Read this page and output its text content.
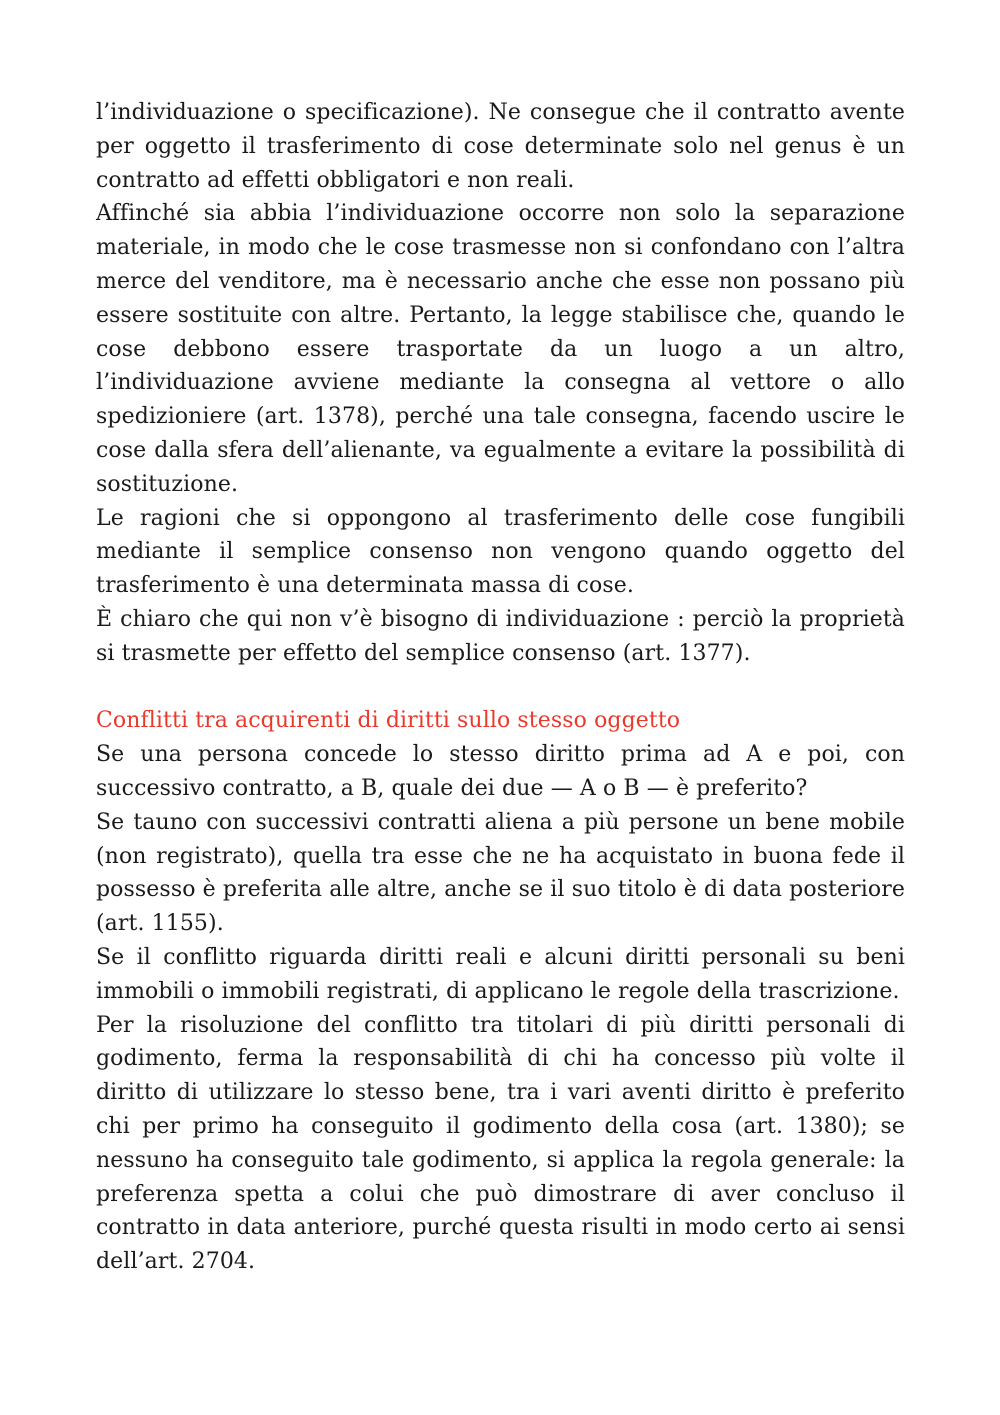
l’individuazione o specificazione). Ne consegue che il contratto avente per oggetto il trasferimento di cose determinate solo nel genus è un contratto ad effetti obbligatori e non reali.

Affinché sia abbia l’individuazione occorre non solo la separazione materiale, in modo che le cose trasmesse non si confondano con l’altra merce del venditore, ma è necessario anche che esse non possano più essere sostituite con altre. Pertanto, la legge stabilisce che, quando le cose debbono essere trasportate da un luogo a un altro, l’individuazione avviene mediante la consegna al vettore o allo spedizioniere (art. 1378), perché una tale consegna, facendo uscire le cose dalla sfera dell’alienante, va egualmente a evitare la possibilità di sostituzione.

Le ragioni che si oppongono al trasferimento delle cose fungibili mediante il semplice consenso non vengono quando oggetto del trasferimento è una determinata massa di cose.

È chiaro che qui non v’è bisogno di individuazione : perciò la proprietà si trasmette per effetto del semplice consenso (art. 1377).

Conflitti tra acquirenti di diritti sullo stesso oggetto

Se una persona concede lo stesso diritto prima ad A e poi, con successivo contratto, a B, quale dei due — A o B — è preferito?

Se tauno con successivi contratti aliena a più persone un bene mobile (non registrato), quella tra esse che ne ha acquistato in buona fede il possesso è preferita alle altre, anche se il suo titolo è di data posteriore (art. 1155).

Se il conflitto riguarda diritti reali e alcuni diritti personali su beni immobili o immobili registrati, di applicano le regole della trascrizione.

Per la risoluzione del conflitto tra titolari di più diritti personali di godimento, ferma la responsabilità di chi ha concesso più volte il diritto di utilizzare lo stesso bene, tra i vari aventi diritto è preferito chi per primo ha conseguito il godimento della cosa (art. 1380); se nessuno ha conseguito tale godimento, si applica la regola generale: la preferenza spetta a colui che può dimostrare di aver concluso il contratto in data anteriore, purché questa risulti in modo certo ai sensi dell’art. 2704.
